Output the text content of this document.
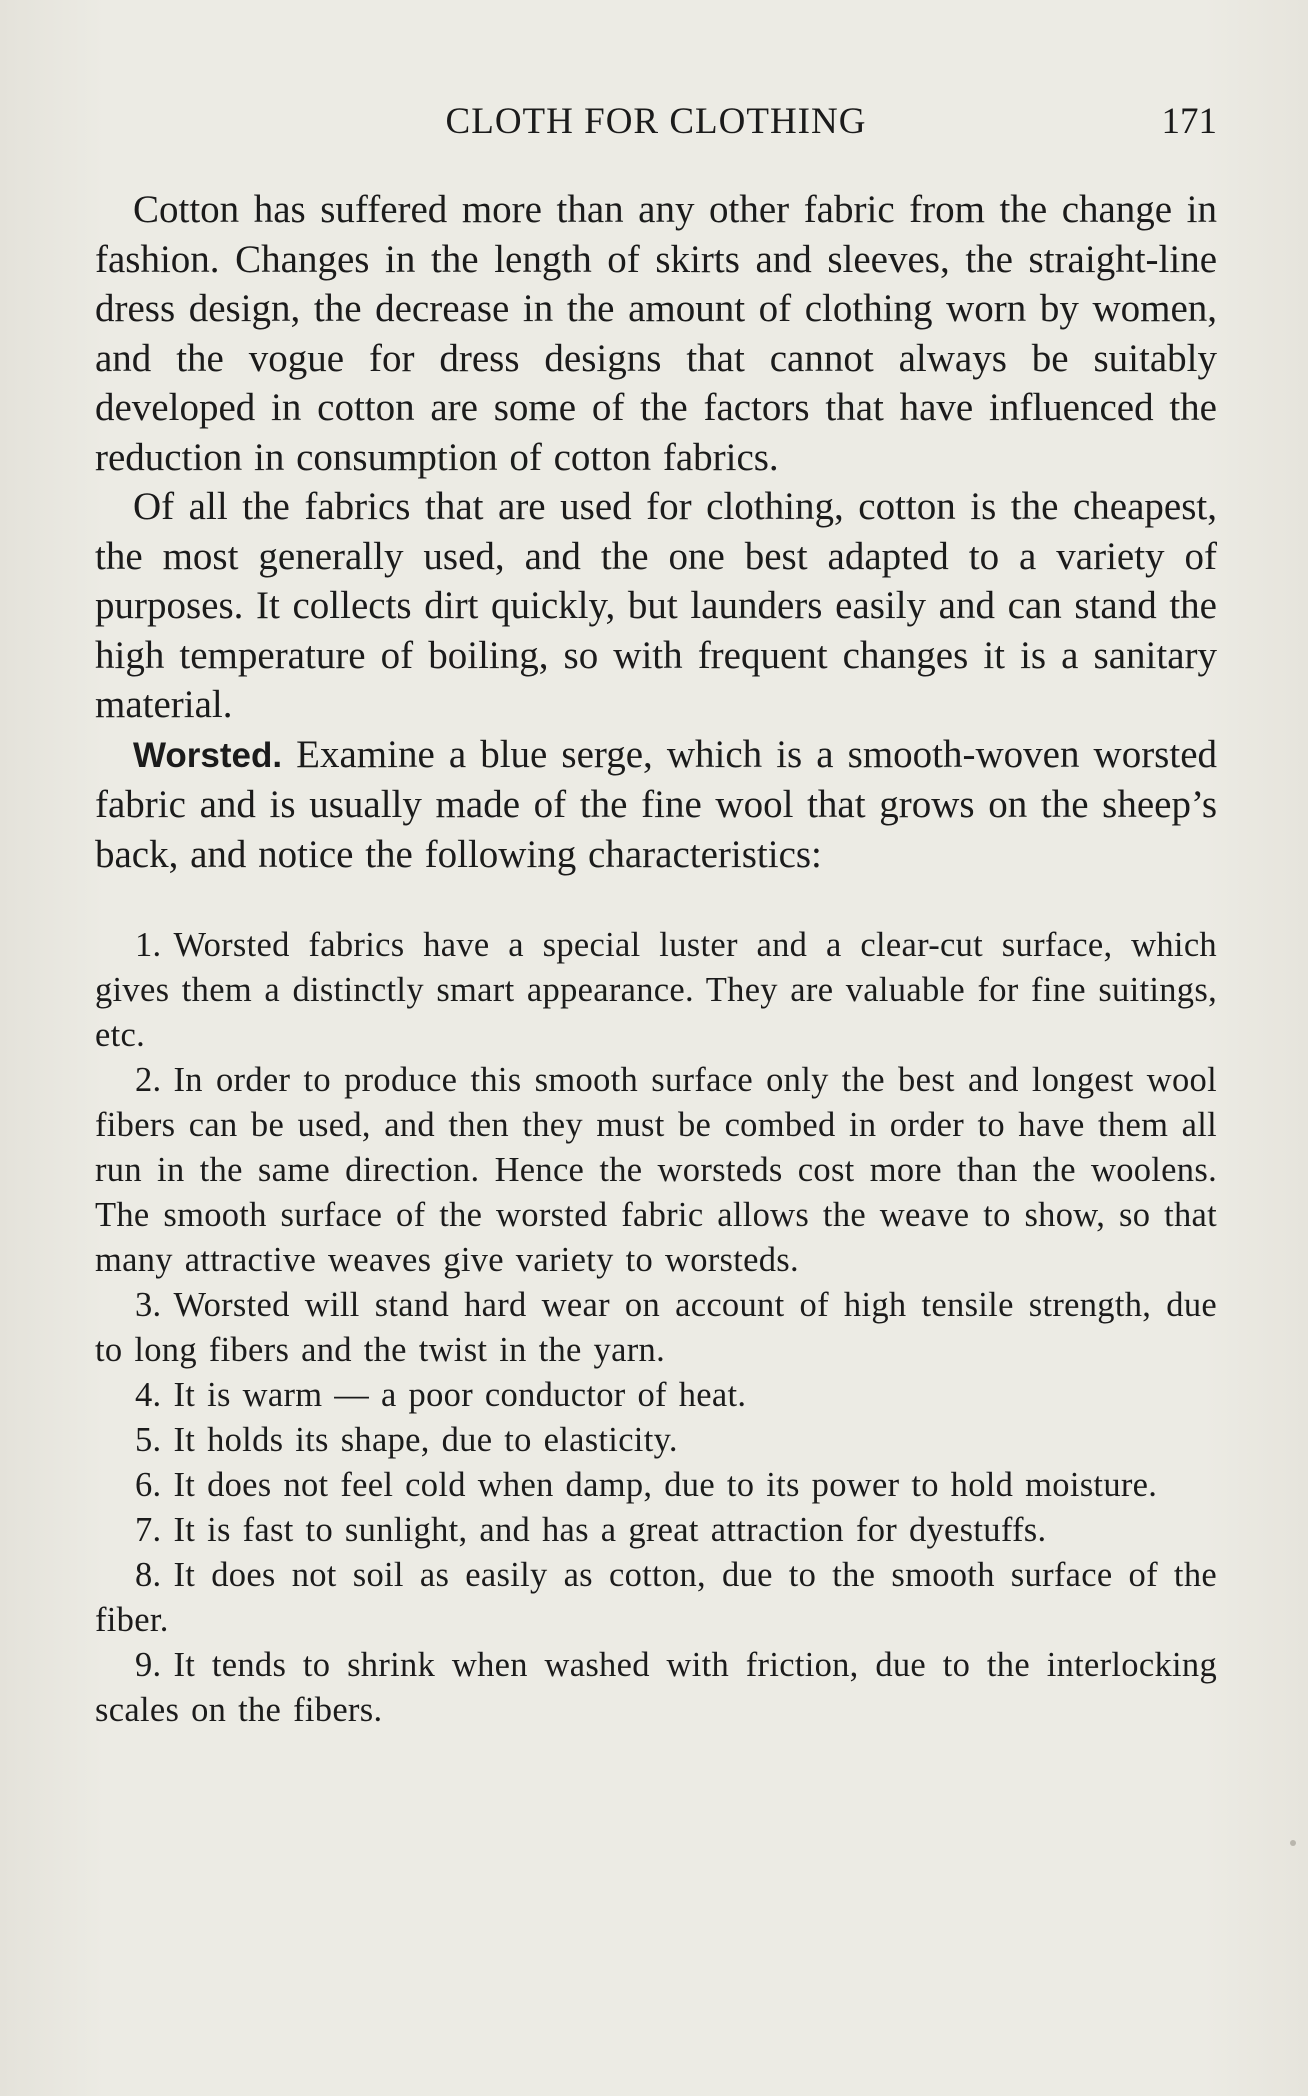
CLOTH FOR CLOTHING	171

Cotton has suffered more than any other fabric from the change in fashion. Changes in the length of skirts and sleeves, the straight-line dress design, the decrease in the amount of clothing worn by women, and the vogue for dress designs that cannot always be suitably developed in cotton are some of the factors that have influenced the reduction in consumption of cotton fabrics.

Of all the fabrics that are used for clothing, cotton is the cheapest, the most generally used, and the one best adapted to a variety of purposes. It collects dirt quickly, but launders easily and can stand the high temperature of boiling, so with frequent changes it is a sanitary material.

Worsted. Examine a blue serge, which is a smooth-woven worsted fabric and is usually made of the fine wool that grows on the sheep’s back, and notice the following characteristics:

1. Worsted fabrics have a special luster and a clear-cut surface, which gives them a distinctly smart appearance. They are valuable for fine suitings, etc.
2. In order to produce this smooth surface only the best and longest wool fibers can be used, and then they must be combed in order to have them all run in the same direction. Hence the worsteds cost more than the woolens. The smooth surface of the worsted fabric allows the weave to show, so that many attractive weaves give variety to worsteds.
3. Worsted will stand hard wear on account of high tensile strength, due to long fibers and the twist in the yarn.
4. It is warm — a poor conductor of heat.
5. It holds its shape, due to elasticity.
6. It does not feel cold when damp, due to its power to hold moisture.
7. It is fast to sunlight, and has a great attraction for dyestuffs.
8. It does not soil as easily as cotton, due to the smooth surface of the fiber.
9. It tends to shrink when washed with friction, due to the interlocking scales on the fibers.
